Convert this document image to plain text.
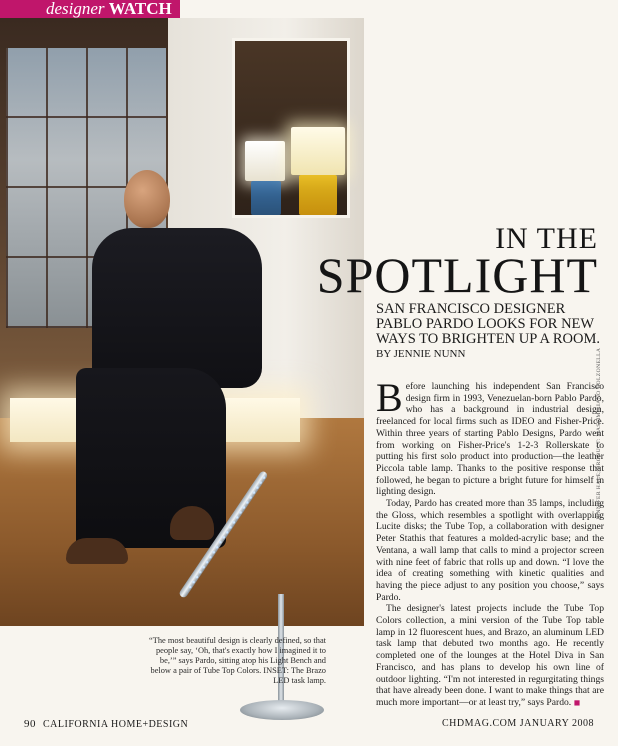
designer WATCH
IN THE
SPOTLIGHT
SAN FRANCISCO DESIGNER PABLO PARDO LOOKS FOR NEW WAYS TO BRIGHTEN UP A ROOM.
BY JENNIE NUNN

Before launching his independent San Francisco design firm in 1993, Venezuelan-born Pablo Pardo, who has a background in industrial design, freelanced for local firms such as IDEO and Fisher-Price. Within three years of starting Pablo Designs, Pardo went from working on Fisher-Price's 1-2-3 Rollerskate to putting his first solo product into production—the leather Piccola table lamp. Thanks to the positive response that followed, he began to picture a bright future for himself in lighting design.

Today, Pardo has created more than 35 lamps, including the Gloss, which resembles a spotlight with overlapping Lucite disks; the Tube Top, a collaboration with designer Peter Stathis that features a molded-acrylic base; and the Ventana, a wall lamp that calls to mind a projector screen with nine feet of fabric that rolls up and down. “I love the idea of creating something with kinetic qualities and having the piece adjust to any position you choose,” says Pardo.

The designer's latest projects include the Tube Top Colors collection, a mini version of the Tube Top table lamp in 12 fluorescent hues, and Brazo, an aluminum LED task lamp that debuted two months ago. He recently completed one of the lounges at the Hotel Diva in San Francisco, and has plans to develop his own line of outdoor lighting. “I'm not interested in regurgitating things that have already been done. I want to make things that are much more important—or at least try,” says Pardo. ◼

“The most beautiful design is clearly defined, so that people say, ‘Oh, that's exactly how I imagined it to be,’” says Pardo, sitting atop his Light Bench and below a pair of Tube Top Colors. INSET: The Brazo LED task lamp.
JENNIFER HALE; PRODUCT: MASSIMILIANO BOLZONELLA
90 CALIFORNIA HOME+DESIGN	CHDMAG.COM JANUARY 2008
